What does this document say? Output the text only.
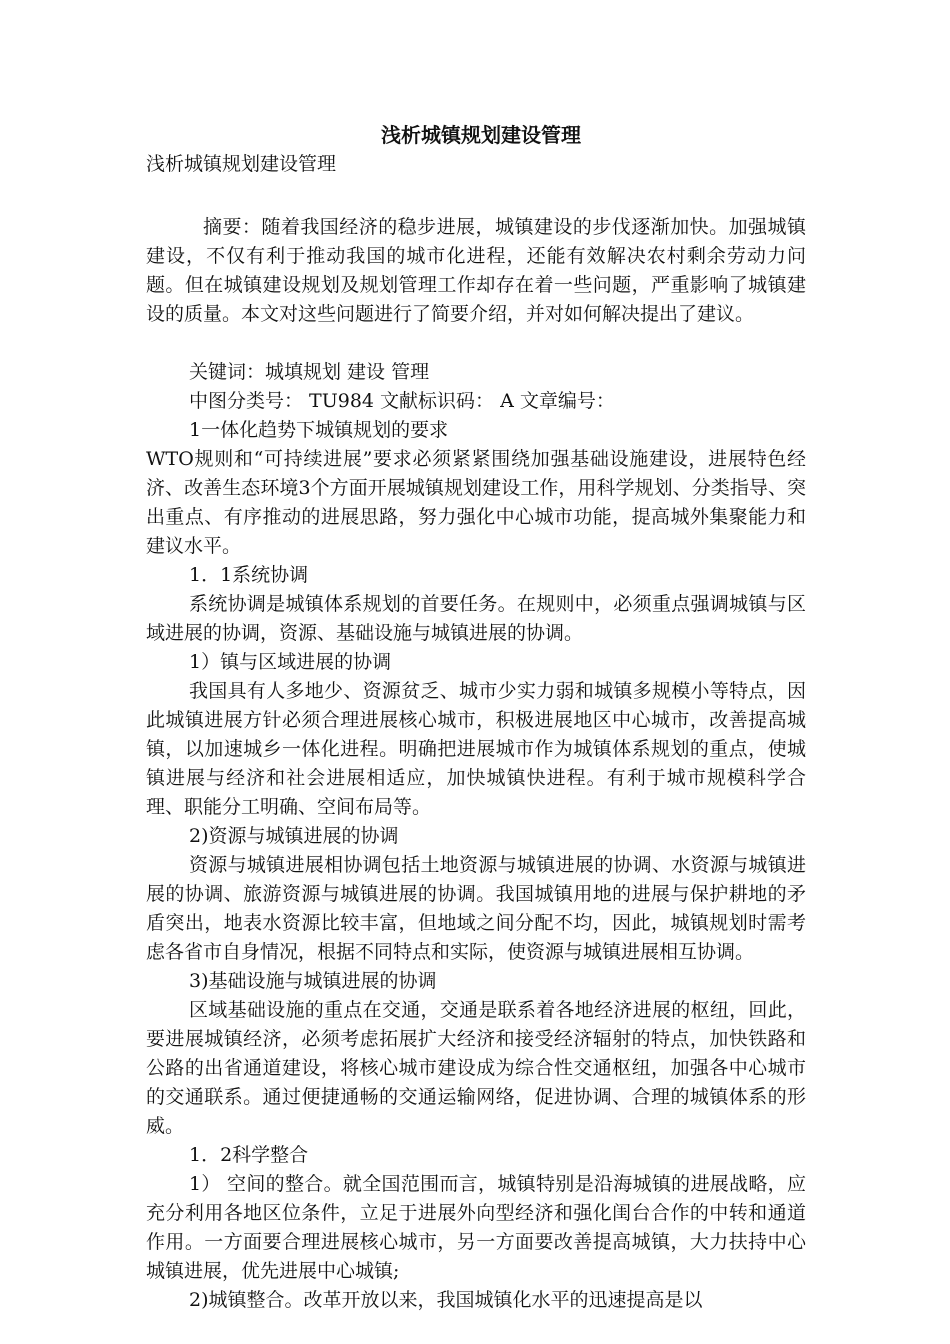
浅析城镇规划建设管理

浅析城镇规划建设管理

摘要：随着我国经济的稳步进展，城镇建设的步伐逐渐加快。加强城镇建设，不仅有利于推动我国的城市化进程，还能有效解决农村剩余劳动力问题。但在城镇建设规划及规划管理工作却存在着一些问题，严重影响了城镇建设的质量。本文对这些问题进行了简要介绍，并对如何解决提出了建议。

关键词：城填规划 建设 管理

中图分类号： TU984 文献标识码： A 文章编号：

1一体化趋势下城镇规划的要求

WTO规则和“可持续进展”要求必须紧紧围绕加强基础设施建设，进展特色经济、改善生态环境3个方面开展城镇规划建设工作，用科学规划、分类指导、突出重点、有序推动的进展思路，努力强化中心城市功能，提高城外集聚能力和建议水平。

1．1系统协调

系统协调是城镇体系规划的首要任务。在规则中，必须重点强调城镇与区域进展的协调，资源、基础设施与城镇进展的协调。

1）镇与区域进展的协调

我国具有人多地少、资源贫乏、城市少实力弱和城镇多规模小等特点，因此城镇进展方针必须合理进展核心城市，积极进展地区中心城市，改善提高城镇，以加速城乡一体化进程。明确把进展城市作为城镇体系规划的重点，使城镇进展与经济和社会进展相适应，加快城镇快进程。有利于城市规模科学合理、职能分工明确、空间布局等。

2)资源与城镇进展的协调

资源与城镇进展相协调包括土地资源与城镇进展的协调、水资源与城镇进展的协调、旅游资源与城镇进展的协调。我国城镇用地的进展与保护耕地的矛盾突出，地表水资源比较丰富，但地域之间分配不均，因此，城镇规划时需考虑各省市自身情况，根据不同特点和实际，使资源与城镇进展相互协调。

3)基础设施与城镇进展的协调

区域基础设施的重点在交通，交通是联系着各地经济进展的枢纽，回此，要进展城镇经济，必须考虑拓展扩大经济和接受经济辐射的特点，加快铁路和公路的出省通道建设，将核心城市建设成为综合性交通枢纽，加强各中心城市的交通联系。通过便捷通畅的交通运输网络，促进协调、合理的城镇体系的形威。

1．2科学整合

1） 空间的整合。就全国范围而言，城镇特别是沿海城镇的进展战略，应充分利用各地区位条件，立足于进展外向型经济和强化闺台合作的中转和通道作用。一方面要合理进展核心城市，另一方面要改善提高城镇，大力扶持中心城镇进展，优先进展中心城镇;

2)城镇整合。改革开放以来，我国城镇化水平的迅速提高是以
